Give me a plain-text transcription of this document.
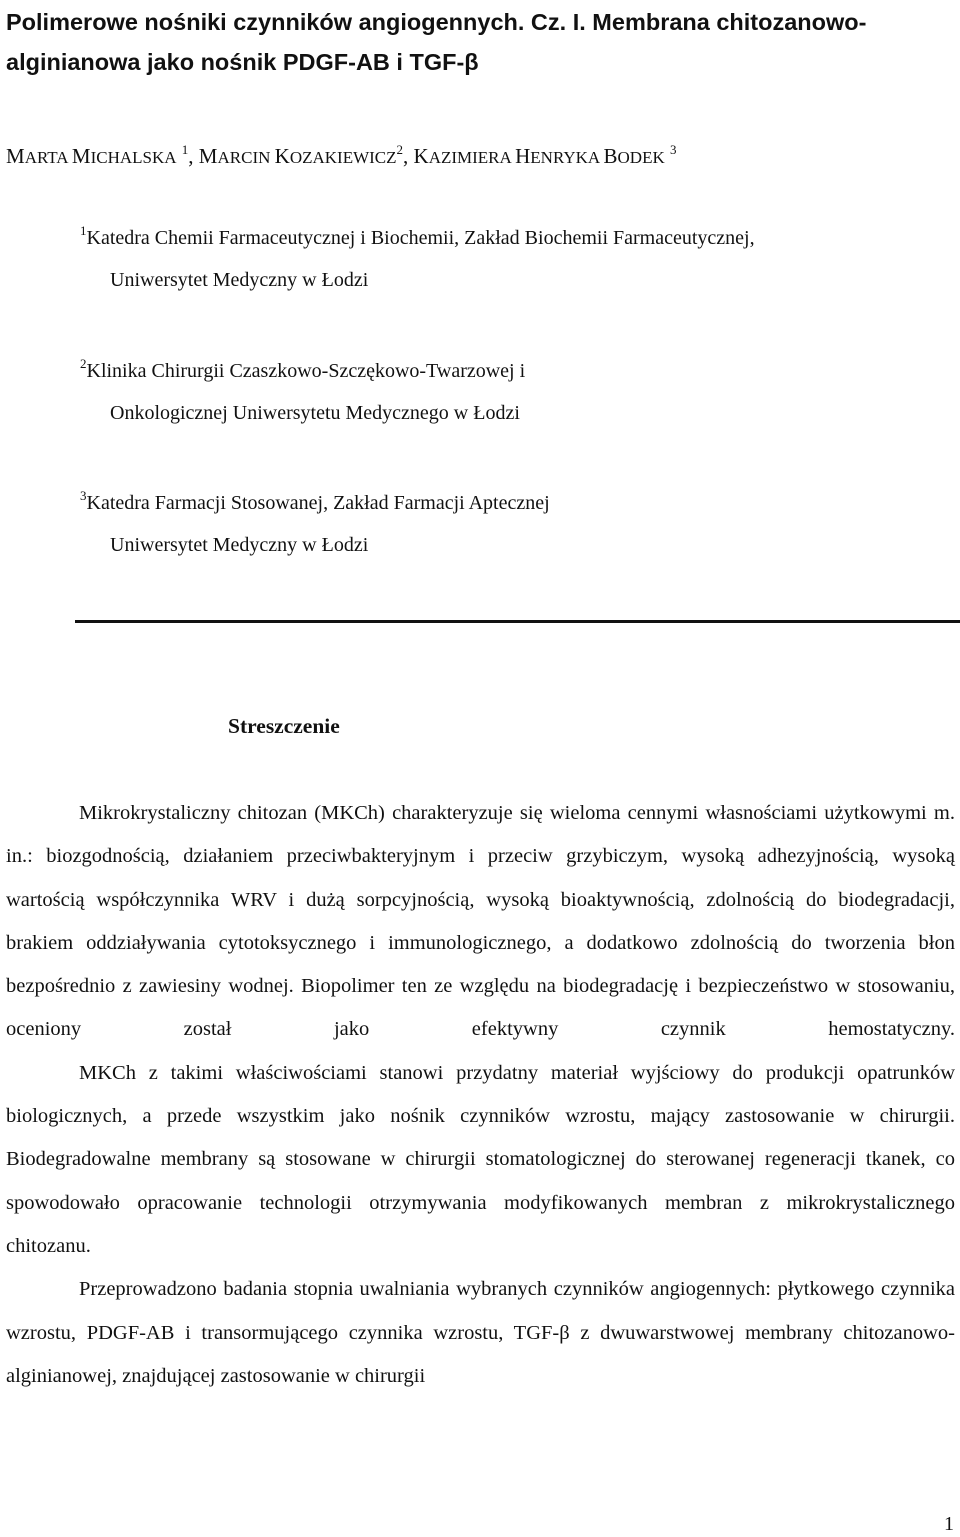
Polimerowe nośniki czynników angiogennych. Cz. I. Membrana chitozanowo-alginianowa jako nośnik PDGF-AB i TGF-β
MARTA MICHALSKA $^1$, MARCIN KOZAKIEWICZ$^2$, KAZIMIERA HENRYKA BODEK $^3$

$^1$Katedra Chemii Farmaceutycznej i Biochemii, Zakład Biochemii Farmaceutycznej,
Uniwersytet Medyczny w Łodzi

$^2$Klinika Chirurgii Czaszkowo-Szczękowo-Twarzowej i
Onkologicznej Uniwersytetu Medycznego w Łodzi

$^3$Katedra Farmacji Stosowanej, Zakład Farmacji Aptecznej
Uniwersytet Medyczny w Łodzi

Streszczenie

Mikrokrystaliczny chitozan (MKCh) charakteryzuje się wieloma cennymi własnościami użytkowymi m. in.: biozgodnością, działaniem przeciwbakteryjnym i przeciw grzybiczym, wysoką adhezyjnością, wysoką wartością współczynnika WRV i dużą sorpcyjnością, wysoką bioaktywnością, zdolnością do biodegradacji, brakiem oddziaływania cytotoksycznego i immunologicznego, a dodatkowo zdolnością do tworzenia błon bezpośrednio z zawiesiny wodnej. Biopolimer ten ze względu na biodegradację i bezpieczeństwo w stosowaniu, oceniony został jako efektywny czynnik hemostatyczny.

MKCh z takimi właściwościami stanowi przydatny materiał wyjściowy do produkcji opatrunków biologicznych, a przede wszystkim jako nośnik czynników wzrostu, mający zastosowanie w chirurgii. Biodegradowalne membrany są stosowane w chirurgii stomatologicznej do sterowanej regeneracji tkanek, co spowodowało opracowanie technologii otrzymywania modyfikowanych membran z mikrokrystalicznego chitozanu.

Przeprowadzono badania stopnia uwalniania wybranych czynników angiogennych: płytkowego czynnika wzrostu, PDGF-AB i transormującego czynnika wzrostu, TGF-β z dwuwarstwowej membrany chitozanowo-alginianowej, znajdującej zastosowanie w chirurgii

1
